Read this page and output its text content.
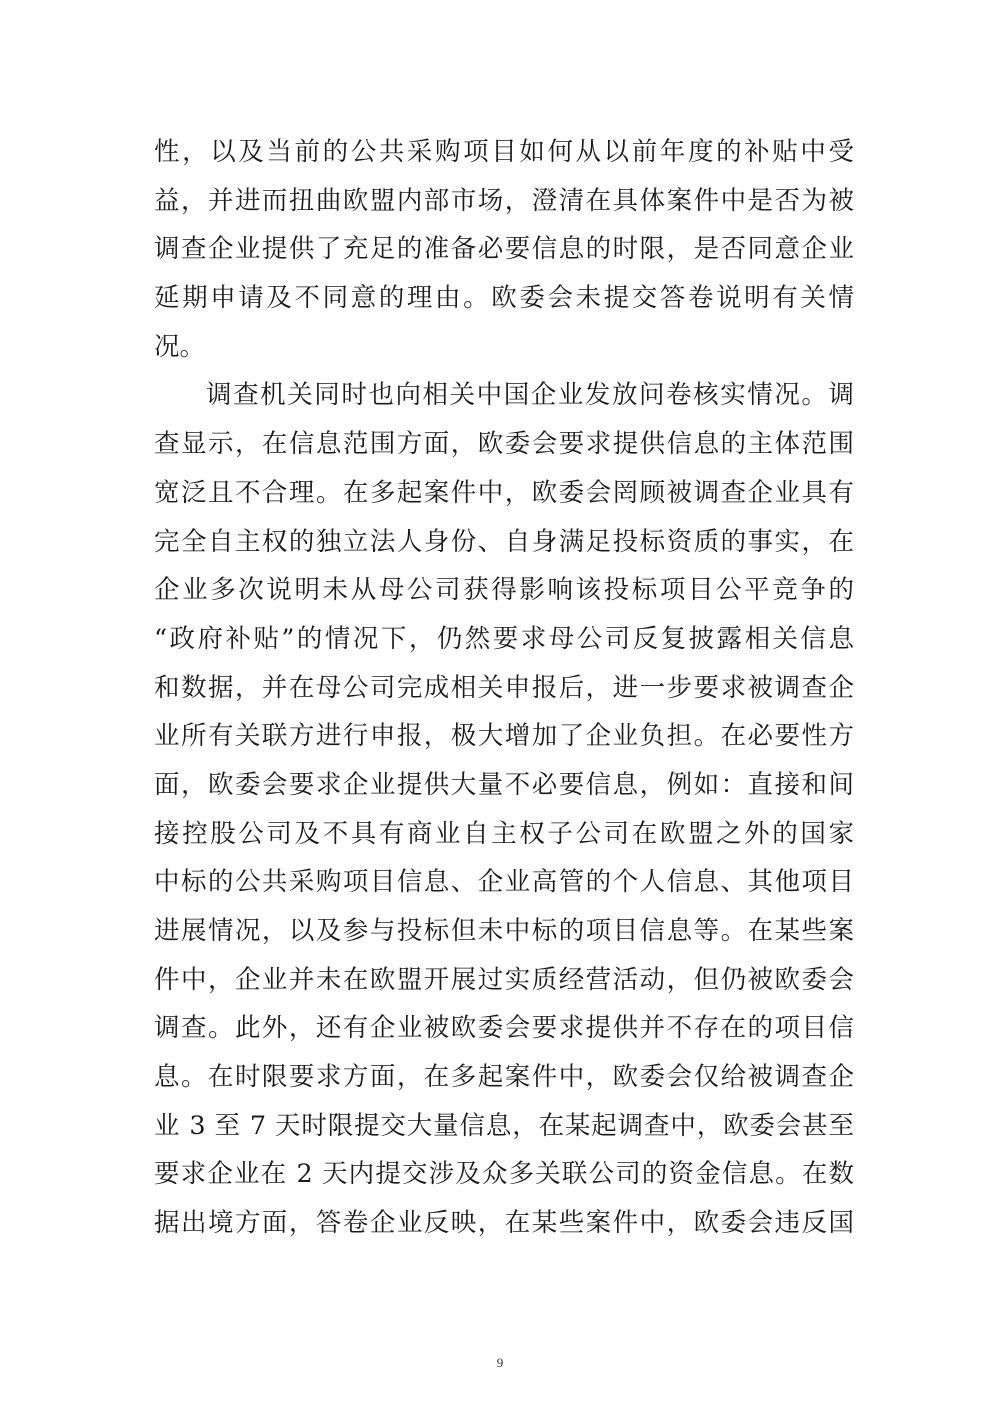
性，以及当前的公共采购项目如何从以前年度的补贴中受
益，并进而扭曲欧盟内部市场，澄清在具体案件中是否为被
调查企业提供了充足的准备必要信息的时限，是否同意企业
延期申请及不同意的理由。欧委会未提交答卷说明有关情
况。
调查机关同时也向相关中国企业发放问卷核实情况。调
查显示，在信息范围方面，欧委会要求提供信息的主体范围
宽泛且不合理。在多起案件中，欧委会罔顾被调查企业具有
完全自主权的独立法人身份、自身满足投标资质的事实，在
企业多次说明未从母公司获得影响该投标项目公平竞争的
“政府补贴”的情况下，仍然要求母公司反复披露相关信息
和数据，并在母公司完成相关申报后，进一步要求被调查企
业所有关联方进行申报，极大增加了企业负担。在必要性方
面，欧委会要求企业提供大量不必要信息，例如：直接和间
接控股公司及不具有商业自主权子公司在欧盟之外的国家
中标的公共采购项目信息、企业高管的个人信息、其他项目
进展情况，以及参与投标但未中标的项目信息等。在某些案
件中，企业并未在欧盟开展过实质经营活动，但仍被欧委会
调查。此外，还有企业被欧委会要求提供并不存在的项目信
息。在时限要求方面，在多起案件中，欧委会仅给被调查企
业 3 至 7 天时限提交大量信息，在某起调查中，欧委会甚至
要求企业在 2 天内提交涉及众多关联公司的资金信息。在数
据出境方面，答卷企业反映，在某些案件中，欧委会违反国
9
